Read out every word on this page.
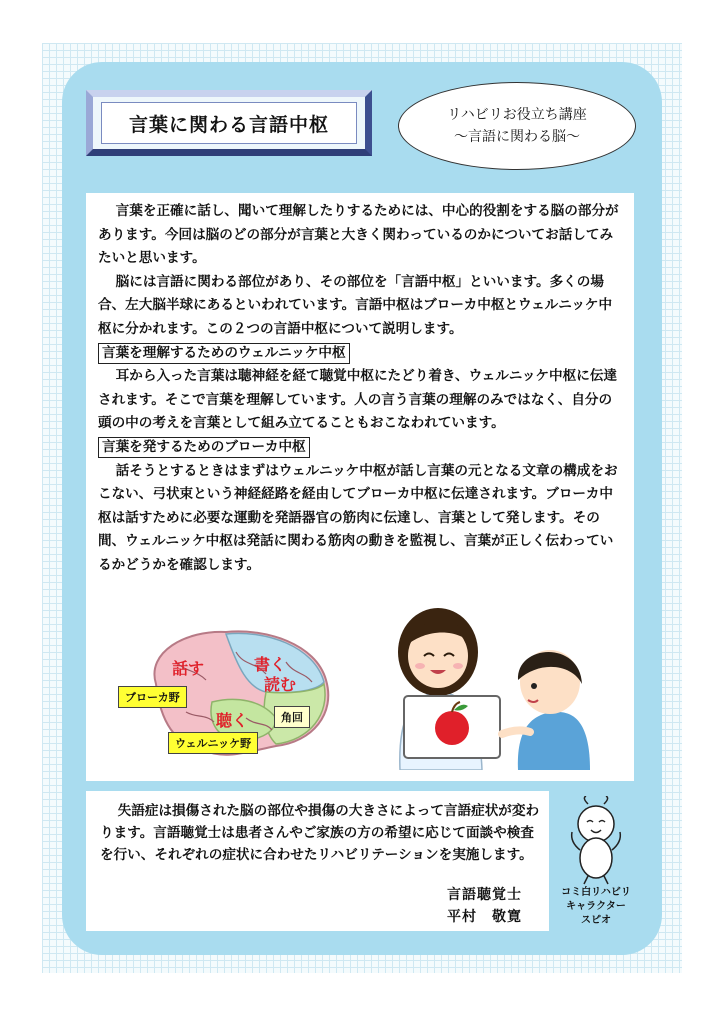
言葉に関わる言語中枢	リハビリお役立ち講座
～言語に関わる脳～

言葉を正確に話し、聞いて理解したりするためには、中心的役割をする脳の部分があります。今回は脳のどの部分が言葉と大きく関わっているのかについてお話してみたいと思います。

脳には言語に関わる部位があり、その部位を「言語中枢」といいます。多くの場合、左大脳半球にあるといわれています。言語中枢はブローカ中枢とウェルニッケ中枢に分かれます。この２つの言語中枢について説明します。

言葉を理解するためのウェルニッケ中枢

耳から入った言葉は聴神経を経て聴覚中枢にたどり着き、ウェルニッケ中枢に伝達されます。そこで言葉を理解しています。人の言う言葉の理解のみではなく、自分の頭の中の考えを言葉として組み立てることもおこなわれています。

言葉を発するためのブローカ中枢

話そうとするときはまずはウェルニッケ中枢が話し言葉の元となる文章の構成をおこない、弓状束という神経経路を経由してブローカ中枢に伝達されます。ブローカ中枢は話すために必要な運動を発語器官の筋肉に伝達し、言葉として発します。その間、ウェルニッケ中枢は発話に関わる筋肉の動きを監視し、言葉が正しく伝わっているかどうかを確認します。

話す	書く
読む
聴く
ブローカ野
ウェルニッケ野
角回

失語症は損傷された脳の部位や損傷の大きさによって言語症状が変わります。言語聴覚士は患者さんやご家族の方の希望に応じて面談や検査を行い、それぞれの症状に合わせたリハビリテーションを実施します。

言語聴覚士
平村　敬寛
コミ白リハビリ
キャラクター
スピオ
